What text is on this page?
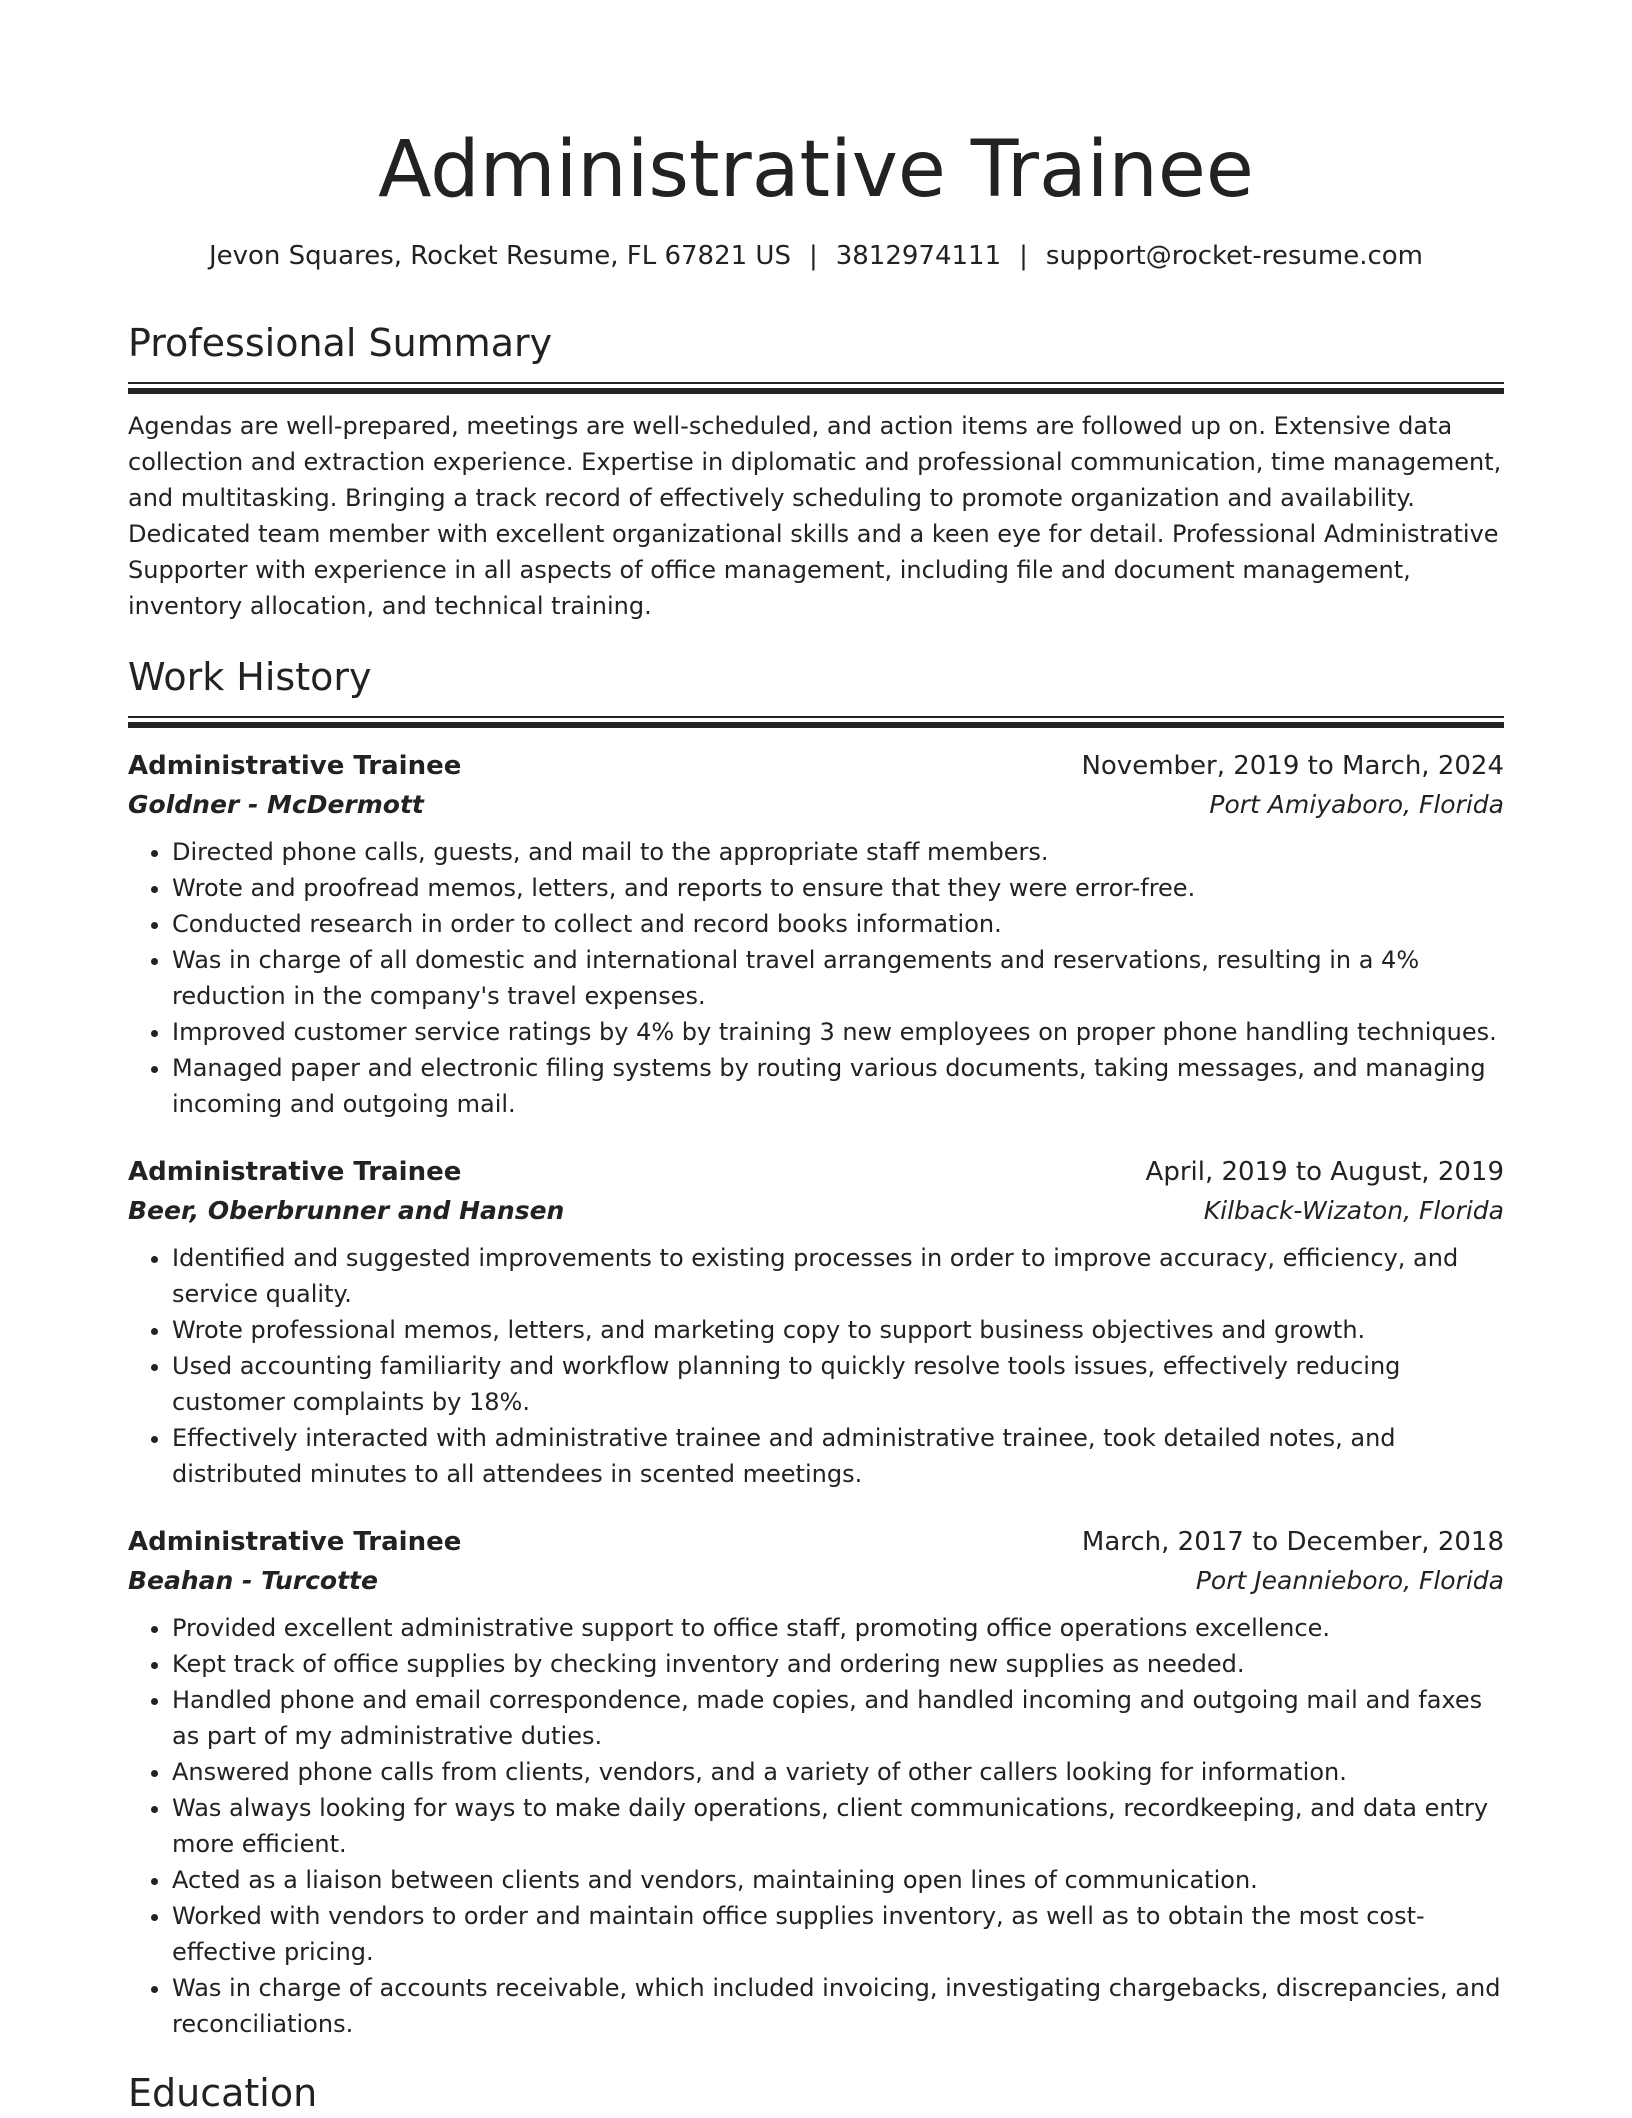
Administrative Trainee
Jevon Squares, Rocket Resume, FL 67821 US | 3812974111 | support@rocket-resume.com
Professional Summary

Agendas are well-prepared, meetings are well-scheduled, and action items are followed up on. Extensive data collection and extraction experience. Expertise in diplomatic and professional communication, time management, and multitasking. Bringing a track record of effectively scheduling to promote organization and availability. Dedicated team member with excellent organizational skills and a keen eye for detail. Professional Administrative Supporter with experience in all aspects of office management, including file and document management, inventory allocation, and technical training.

Work History
Administrative Trainee	November, 2019 to March, 2024
Goldner - McDermott	Port Amiyaboro, Florida
• Directed phone calls, guests, and mail to the appropriate staff members.
• Wrote and proofread memos, letters, and reports to ensure that they were error-free.
• Conducted research in order to collect and record books information.
• Was in charge of all domestic and international travel arrangements and reservations, resulting in a 4% reduction in the company's travel expenses.
• Improved customer service ratings by 4% by training 3 new employees on proper phone handling techniques.
• Managed paper and electronic filing systems by routing various documents, taking messages, and managing incoming and outgoing mail.
Administrative Trainee	April, 2019 to August, 2019
Beer, Oberbrunner and Hansen	Kilback-Wizaton, Florida
• Identified and suggested improvements to existing processes in order to improve accuracy, efficiency, and service quality.
• Wrote professional memos, letters, and marketing copy to support business objectives and growth.
• Used accounting familiarity and workflow planning to quickly resolve tools issues, effectively reducing customer complaints by 18%.
• Effectively interacted with administrative trainee and administrative trainee, took detailed notes, and distributed minutes to all attendees in scented meetings.
Administrative Trainee	March, 2017 to December, 2018
Beahan - Turcotte	Port Jeannieboro, Florida
• Provided excellent administrative support to office staff, promoting office operations excellence.
• Kept track of office supplies by checking inventory and ordering new supplies as needed.
• Handled phone and email correspondence, made copies, and handled incoming and outgoing mail and faxes as part of my administrative duties.
• Answered phone calls from clients, vendors, and a variety of other callers looking for information.
• Was always looking for ways to make daily operations, client communications, recordkeeping, and data entry more efficient.
• Acted as a liaison between clients and vendors, maintaining open lines of communication.
• Worked with vendors to order and maintain office supplies inventory, as well as to obtain the most cost-effective pricing.
• Was in charge of accounts receivable, which included invoicing, investigating chargebacks, discrepancies, and reconciliations.
Education
